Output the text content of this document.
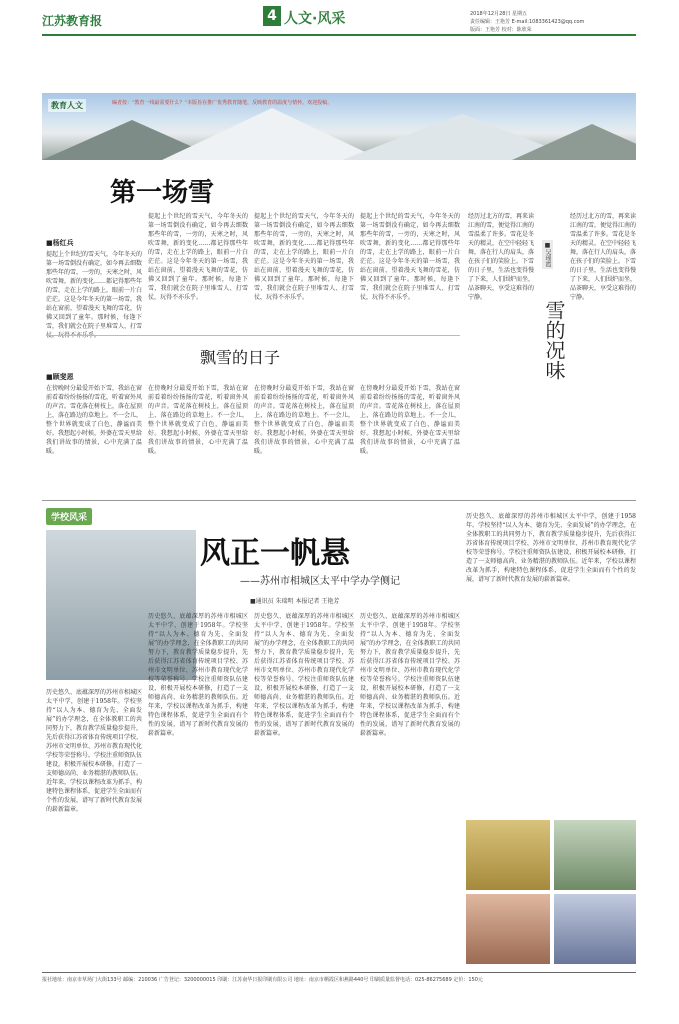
江苏教育报	4 人文·风采	2018年12月28日 星期五
责任编辑：王艳芳 E-mail:1083361423@qq.com
版面：王艳芳 校对：陈欣荣
教育人文	编者按：“教育一线最需要什么？”本版旨在推广优秀教育随笔，反映教育的温度与情怀。欢迎投稿。
第一场雪
■杨红兵
提起上个世纪的雪天气，今年冬天的第一场雪倒没有确定，如今再去细数那些年的雪，一旁的，天寒之时，风吹雪舞，新的变化……都记得那些年的雪，走在上学的路上，眼前一片白茫茫。这是今年冬天的第一场雪，我站在窗前，望着漫天飞舞的雪花，仿佛又回到了童年。那时候，每逢下雪，我们就会在院子里堆雪人、打雪
提起上个世纪的雪天气，今年冬天的第一场雪倒没有确定，如今再去细数那些年的雪，一旁的，天寒之时，风吹雪舞，新的变化……都记得那些年的雪，走在上学的路上，眼前一片白茫茫。这是今年冬天的第一场雪，我站在窗前，望着漫天飞舞的雪花，仿佛又回到了童年。那时候，每逢下雪，我们就会在院子里堆雪人、打雪仗，玩得不亦乐乎。
提起上个世纪的雪天气，今年冬天的第一场雪倒没有确定，如今再去细数那些年的雪，一旁的，天寒之时，风吹雪舞，新的变化……都记得那些年的雪，走在上学的路上，眼前一片白茫茫。这是今年冬天的第一场雪，我站在窗前，望着漫天飞舞的雪花，仿佛又回到了童年。那时候，每逢下雪，我们就会在院子里堆雪人、打雪仗，玩得不亦乐乎。
提起上个世纪的雪天气，今年冬天的第一场雪倒没有确定，如今再去细数那些年的雪，一旁的，天寒之时，风吹雪舞，新的变化……都记得那些年的雪，走在上学的路上，眼前一片白茫茫。这是今年冬天的第一场雪，我站在窗前，望着漫天飞舞的雪花，仿佛又回到了童年。那时候，每逢下雪，我们就会在院子里堆雪人、打雪仗，玩得不亦乐乎。
飘雪的日子
■顾斐恩
在傍晚时分最爱开始下雪，我站在窗前看着纷纷扬扬的雪花，听着窗外风的声音。雪花落在树枝上，落在屋顶上，落在路边的草地上。不一会儿，整个世界就变成了白色，静谧而美好。我想起小时候，外婆在雪天里给我们讲故事的情景，心中充满了温暖。
在傍晚时分最爱开始下雪，我站在窗前看着纷纷扬扬的雪花，听着窗外风的声音。雪花落在树枝上，落在屋顶上，落在路边的草地上。不一会儿，整个世界就变成了白色，静谧而美好。我想起小时候，外婆在雪天里给我们讲故事的情景，心中充满了温暖。
在傍晚时分最爱开始下雪，我站在窗前看着纷纷扬扬的雪花，听着窗外风的声音。雪花落在树枝上，落在屋顶上，落在路边的草地上。不一会儿，整个世界就变成了白色，静谧而美好。我想起小时候，外婆在雪天里给我们讲故事的情景，心中充满了温暖。
在傍晚时分最爱开始下雪，我站在窗前看着纷纷扬扬的雪花，听着窗外风的声音。雪花落在树枝上，落在屋顶上，落在路边的草地上。不一会儿，整个世界就变成了白色，静谧而美好。我想起小时候，外婆在雪天里给我们讲故事的情景，心中充满了温暖。
经历过北方的雪，再来读江南的雪，便觉得江南的雪温柔了许多。雪花是冬天的精灵，在空中轻轻飞舞，落在行人的肩头，落在孩子们的笑脸上。下雪的日子里，生活也变得慢了下来，人们围炉而坐，品茶聊天，享受这难得的宁静。
雪的况味
■吴瑶霞
经历过北方的雪，再来读江南的雪，便觉得江南的雪温柔了许多。雪花是冬天的精灵，在空中轻轻飞舞，落在行人的肩头，落在孩子们的笑脸上。下雪的日子里，生活也变得慢了下来，人们围炉而坐，品茶聊天，享受这难得的宁静。
学校风采
风正一帆悬
——苏州市相城区太平中学办学侧记
■通讯员 朱瑞明 本报记者 王艳芳
历史悠久、底蕴深厚的苏州市相城区太平中学，创建于1958年。学校坚持“以人为本、德育为先、全面发展”的办学理念，在全体教职工的共同努力下，教育教学质量稳步提升，先后获得江苏省体育传统项目学校、苏州市文明单位、苏州市教育现代化学校等荣誉称号。学校注重师资队伍建设，积极开展校本研修，打造了一支师德高尚、业务精湛的教师队伍。近年来，学校以课程改革为抓手，构建特色课程体系，促进学生全面而有个性的发展，谱写了新时代教育发展的崭新篇章。
历史悠久、底蕴深厚的苏州市相城区太平中学，创建于1958年。学校坚持“以人为本、德育为先、全面发展”的办学理念，在全体教职工的共同努力下，教育教学质量稳步提升，先后获得江苏省体育传统项目学校、苏州市文明单位、苏州市教育现代化学校等荣誉称号。学校注重师资队伍建设，积极开展校本研修，打造了一支师德高尚、业务精湛的教师队伍。近年来，学校以课程改革为抓手，构建特色课程体系，促进学生全面而有个性的发展，谱写了新时代教育发展的崭新篇章。
历史悠久、底蕴深厚的苏州市相城区太平中学，创建于1958年。学校坚持“以人为本、德育为先、全面发展”的办学理念，在全体教职工的共同努力下，教育教学质量稳步提升，先后获得江苏省体育传统项目学校、苏州市文明单位、苏州市教育现代化学校等荣誉称号。学校注重师资队伍建设，积极开展校本研修，打造了一支师德高尚、业务精湛的教师队伍。近年来，学校以课程改革为抓手，构建特色课程体系，促进学生全面而有个性的发展，谱写了新时代教育发展的崭新篇章。
历史悠久、底蕴深厚的苏州市相城区太平中学，创建于1958年。学校坚持“以人为本、德育为先、全面发展”的办学理念，在全体教职工的共同努力下，教育教学质量稳步提升，先后获得江苏省体育传统项目学校、苏州市文明单位、苏州市教育现代化学校等荣誉称号。学校注重师资队伍建设，积极开展校本研修，打造了一支师德高尚、业务精湛的教师队伍。近年来，学校以课程改革为抓手，构建特色课程体系，促进学生全面而有个性的发展，谱写了新时代教育发展的崭新篇章。
历史悠久、底蕴深厚的苏州市相城区太平中学，创建于1958年。学校坚持“以人为本、德育为先、全面发展”的办学理念，在全体教职工的共同努力下，教育教学质量稳步提升，先后获得江苏省体育传统项目学校、苏州市文明单位、苏州市教育现代化学校等荣誉称号。学校注重师资队伍建设，积极开展校本研修，打造了一支师德高尚、业务精湛的教师队伍。近年来，学校以课程改革为抓手，构建特色课程体系，促进学生全面而有个性的发展，谱写了新时代教育发展的崭新篇章。
报社地址：南京市草场门大街133号 邮编：210036 广告登记：3200000015 印刷：江苏南华日报印刷有限公司 地址：南京市栖霞区和燕路440号 印刷质量监督电话：025-86275689 定价：150元
